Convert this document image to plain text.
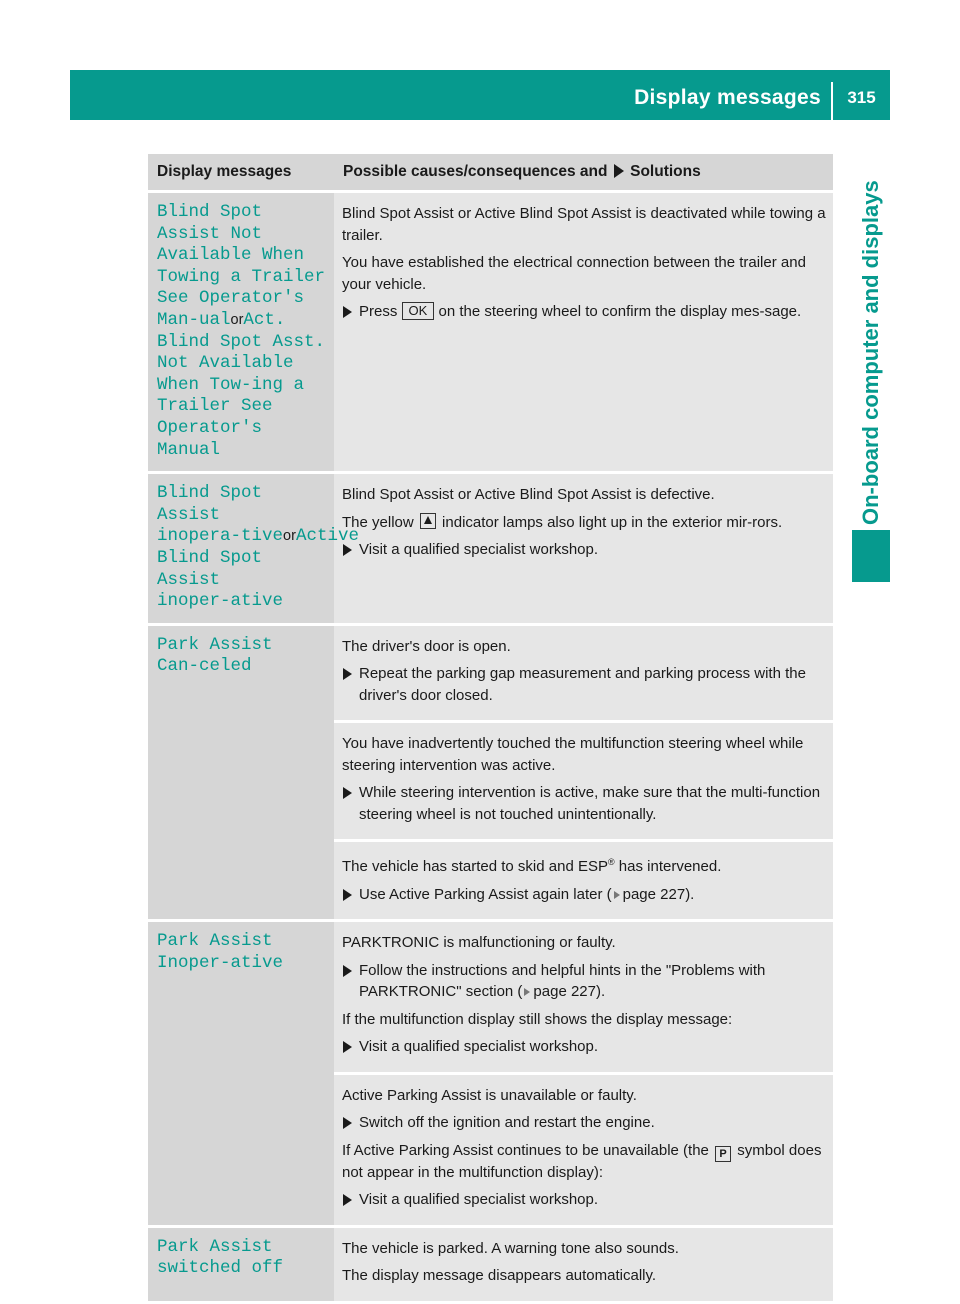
Display messages	315
On-board computer and displays
Display messages	Possible causes/consequences and Solutions
Blind Spot Assist Not Available When Towing a Trailer See Operator's Man‑ualorAct. Blind Spot Asst. Not Available When Tow‑ing a Trailer See Operator's Manual	Blind Spot Assist or Active Blind Spot Assist is deactivated while towing a trailer.

You have established the electrical connection between the trailer and your vehicle.

Press OK on the steering wheel to confirm the display mes-sage.

Blind Spot Assist inopera‑tiveorActive Blind Spot Assist inoper‑ative	Blind Spot Assist or Active Blind Spot Assist is defective.

The yellow indicator lamps also light up in the exterior mir-rors.

Visit a qualified specialist workshop.

Park Assist Can‑celed	The driver's door is open.

Repeat the parking gap measurement and parking process with the driver's door closed.

	You have inadvertently touched the multifunction steering wheel while steering intervention was active.

While steering intervention is active, make sure that the multi-function steering wheel is not touched unintentionally.

	The vehicle has started to skid and ESP® has intervened.

Use Active Parking Assist again later ( page 227).

Park Assist Inoper‑ative	PARKTRONIC is malfunctioning or faulty.

Follow the instructions and helpful hints in the "Problems with PARKTRONIC" section ( page 227).

If the multifunction display still shows the display message:

Visit a qualified specialist workshop.

	Active Parking Assist is unavailable or faulty.

Switch off the ignition and restart the engine.

If Active Parking Assist continues to be unavailable (the P symbol does not appear in the multifunction display):

Visit a qualified specialist workshop.

Park Assist switched off	The vehicle is parked. A warning tone also sounds.

The display message disappears automatically.
